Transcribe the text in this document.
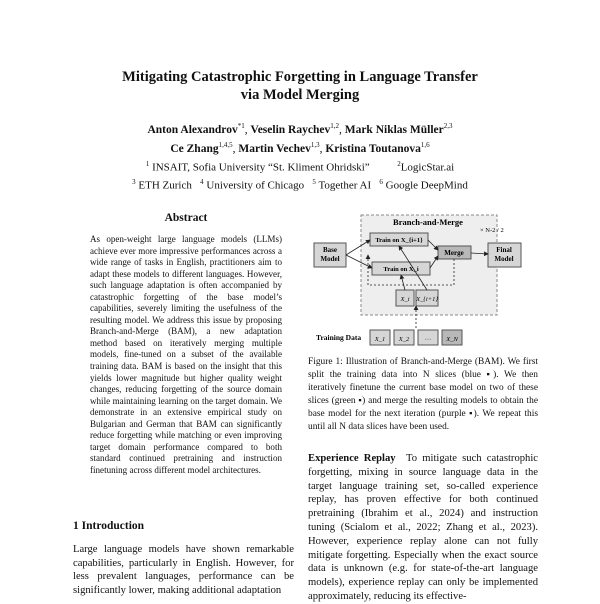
Mitigating Catastrophic Forgetting in Language Transfer
via Model Merging
Anton Alexandrov$^{*1}$, Veselin Raychev$^{1,2}$, Mark Niklas Müller$^{2,3}$
Ce Zhang$^{1,4,5}$, Martin Vechev$^{1,3}$, Kristina Toutanova$^{1,6}$
$^1$ INSAIT, Sofia University “St. Kliment Ohridski”	$^2$LogicStar.ai
$^3$ ETH Zurich $^4$ University of Chicago $^5$ Together AI $^6$ Google DeepMind
Abstract
As open-weight large language models (LLMs) achieve ever more impressive performances across a wide range of tasks in English, practitioners aim to adapt these models to different languages. However, such language adaptation is often accompanied by catastrophic forgetting of the base model’s capabilities, severely limiting the usefulness of the resulting model. We address this issue by proposing Branch-and-Merge (BAM), a new adaptation method based on iteratively merging multiple models, fine-tuned on a subset of the available training data. BAM is based on the insight that this yields lower magnitude but higher quality weight changes, reducing forgetting of the source domain while maintaining learning on the target domain. We demonstrate in an extensive empirical study on Bulgarian and German that BAM can significantly reduce forgetting while matching or even improving target domain performance compared to both standard continued pretraining and instruction finetuning across different model architectures.
1 Introduction
Large language models have shown remarkable capabilities, particularly in English. However, for less prevalent languages, performance can be significantly lower, making additional adaptation
Branch-and-Merge
× N-2 / 2
Base
Model
Final
Model
Train on X_{i+1}
Train on X_i
Merge
X_i X_{i+1}
Training Data X_1 X_2 ··· X_N
Figure 1: Illustration of Branch-and-Merge (BAM). We first split the training data into N slices (blue ▪). We then iteratively finetune the current base model on two of these slices (green ▪) and merge the resulting models to obtain the base model for the next iteration (purple ▪). We repeat this until all N data slices have been used.
Experience Replay To mitigate such catastrophic forgetting, mixing in source language data in the target language training set, so-called experience replay, has proven effective for both continued pretraining (Ibrahim et al., 2024) and instruction tuning (Scialom et al., 2022; Zhang et al., 2023). However, experience replay alone can not fully mitigate forgetting. Especially when the exact source data is unknown (e.g. for state-of-the-art language models), experience replay can only be implemented approximately, reducing its effective-
